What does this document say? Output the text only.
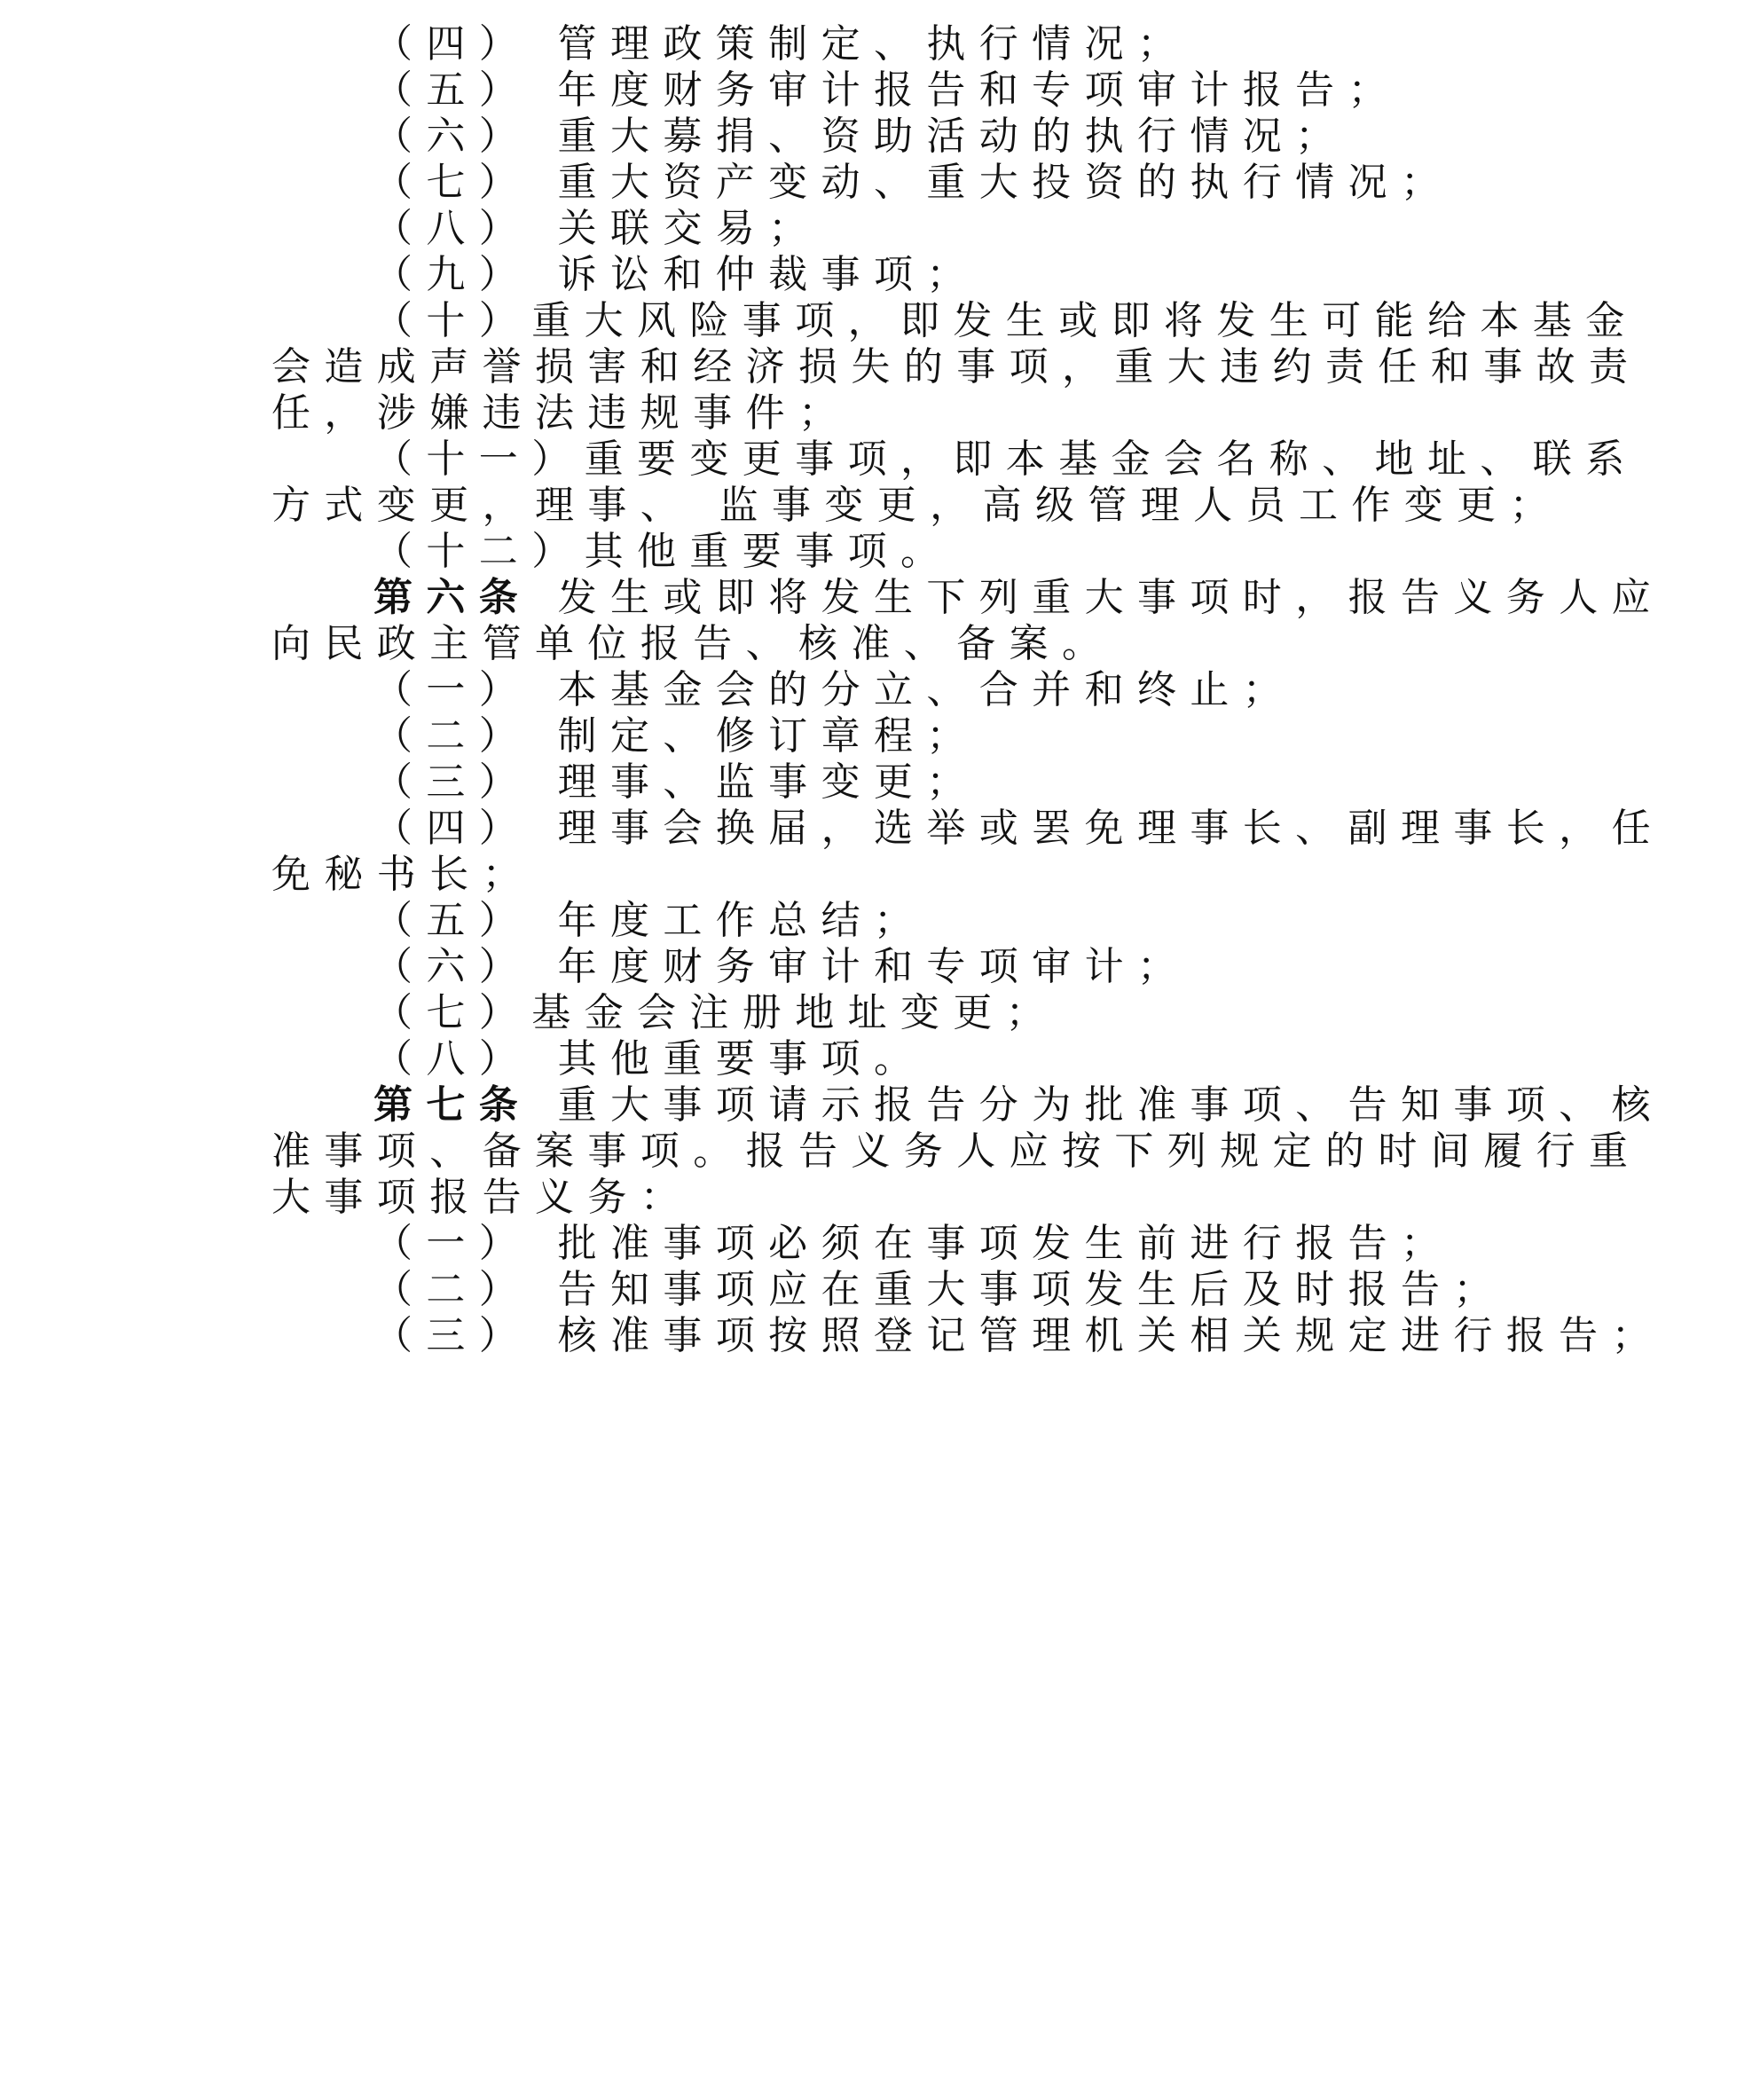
（四） 管理政策制定、执行情况；
（五） 年度财务审计报告和专项审计报告；
（六） 重大募捐、资助活动的执行情况；
（七） 重大资产变动、重大投资的执行情况；
（八） 关联交易；
（九） 诉讼和仲裁事项；
（十）重大风险事项，即发生或即将发生可能给本基金
会造成声誉损害和经济损失的事项，重大违约责任和事故责
任，涉嫌违法违规事件；
（十一）重要变更事项，即本基金会名称、地址、联系
方式变更，理事、 监事变更，高级管理人员工作变更；
（十二）其他重要事项。
第六条 发生或即将发生下列重大事项时，报告义务人应
向民政主管单位报告、核准、备案。
（一） 本基金会的分立、合并和终止；
（二） 制定、修订章程；
（三） 理事、监事变更；
（四） 理事会换届，选举或罢免理事长、副理事长，任
免秘书长；
（五） 年度工作总结；
（六） 年度财务审计和专项审计；
（七）基金会注册地址变更；
（八） 其他重要事项。
第七条 重大事项请示报告分为批准事项、告知事项、核
准事项、备案事项。报告义务人应按下列规定的时间履行重
大事项报告义务：
（一） 批准事项必须在事项发生前进行报告；
（二） 告知事项应在重大事项发生后及时报告；
（三） 核准事项按照登记管理机关相关规定进行报告；
